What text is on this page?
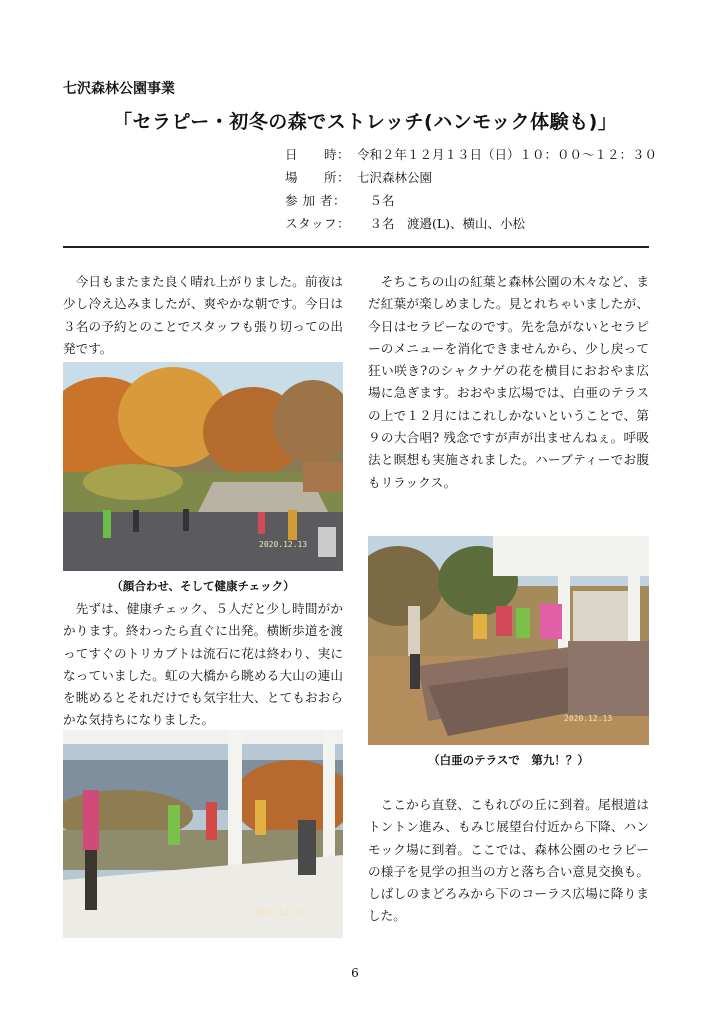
七沢森林公園事業
「セラピー・初冬の森でストレッチ(ハンモック体験も)」
日　　時： 令和２年１２月１３日（日）１０：００～１２：３０
場　　所： 七沢森林公園
参 加 者： 　５名
スタッフ： 　３名　渡邉(L)、横山、小松
今日もまたまた良く晴れ上がりました。前夜は少し冷え込みましたが、爽やかな朝です。今日は３名の予約とのことでスタッフも張り切っての出発です。
2020.12.13
（顔合わせ、そして健康チェック）
先ずは、健康チェック、５人だと少し時間がかかります。終わったら直ぐに出発。横断歩道を渡ってすぐのトリカブトは流石に花は終わり、実になっていました。虹の大橋から眺める大山の連山を眺めるとそれだけでも気宇壮大、とてもおおらかな気持ちになりました。
2020.12.13
そちこちの山の紅葉と森林公園の木々など、まだ紅葉が楽しめました。見とれちゃいましたが、今日はセラピーなのです。先を急がないとセラピーのメニューを消化できませんから、少し戻って狂い咲き?のシャクナゲの花を横目におおやま広場に急ぎます。おおやま広場では、白亜のテラスの上で１２月にはこれしかないということで、第９の大合唱? 残念ですが声が出ませんねぇ。呼吸法と瞑想も実施されました。ハーブティーでお腹もリラックス。
2020.12.13
（白亜のテラスで　第九！？）
ここから直登、こもれびの丘に到着。尾根道はトントン進み、もみじ展望台付近から下降、ハンモック場に到着。ここでは、森林公園のセラピーの様子を見学の担当の方と落ち合い意見交換も。しばしのまどろみから下のコーラス広場に降りました。
6
